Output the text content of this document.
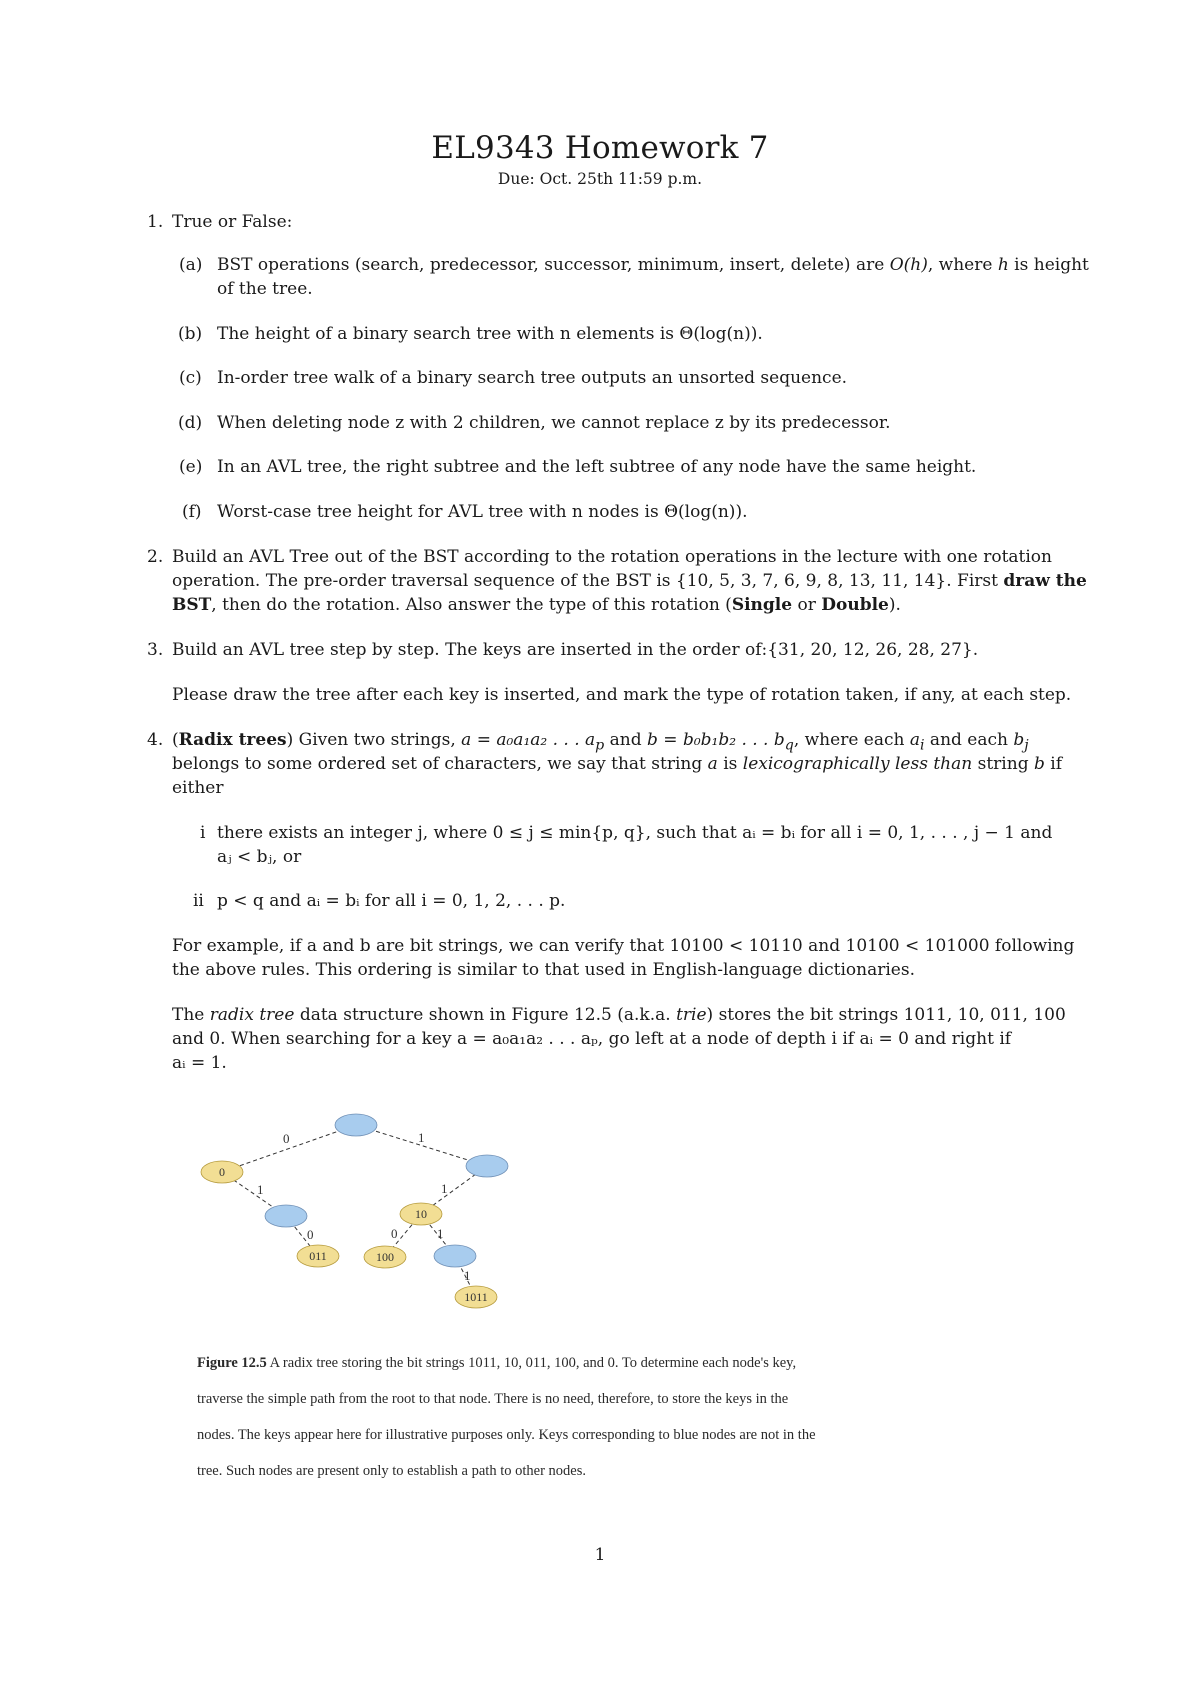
EL9343 Homework 7
Due: Oct. 25th 11:59 p.m.
1. True or False:
(a) BST operations (search, predecessor, successor, minimum, insert, delete) are O(h), where h is height
of the tree.
(b) The height of a binary search tree with n elements is Θ(log(n)).
(c) In-order tree walk of a binary search tree outputs an unsorted sequence.
(d) When deleting node z with 2 children, we cannot replace z by its predecessor.
(e) In an AVL tree, the right subtree and the left subtree of any node have the same height.
(f) Worst-case tree height for AVL tree with n nodes is Θ(log(n)).
2. Build an AVL Tree out of the BST according to the rotation operations in the lecture with one rotation
operation. The pre-order traversal sequence of the BST is {10, 5, 3, 7, 6, 9, 8, 13, 11, 14}. First draw the
BST, then do the rotation. Also answer the type of this rotation (Single or Double).
3. Build an AVL tree step by step. The keys are inserted in the order of:{31, 20, 12, 26, 28, 27}.
Please draw the tree after each key is inserted, and mark the type of rotation taken, if any, at each step.
4. (Radix trees) Given two strings, a = a₀a₁a₂ . . . $a_p$ and b = b₀b₁b₂ . . . $b_q$, where each $a_i$ and each $b_j$
belongs to some ordered set of characters, we say that string a is lexicographically less than string b if
either
i there exists an integer j, where 0 ≤ j ≤ min{p, q}, such that aᵢ = bᵢ for all i = 0, 1, . . . , j − 1 and
aⱼ < bⱼ, or
ii p < q and aᵢ = bᵢ for all i = 0, 1, 2, . . . p.
For example, if a and b are bit strings, we can verify that 10100 < 10110 and 10100 < 101000 following
the above rules. This ordering is similar to that used in English-language dictionaries.
The radix tree data structure shown in Figure 12.5 (a.k.a. trie) stores the bit strings 1011, 10, 011, 100
and 0. When searching for a key a = a₀a₁a₂ . . . aₚ, go left at a node of depth i if aᵢ = 0 and right if
aᵢ = 1.
0	1
1
0
1
0	1
1
0
10
011	100
1011
Figure 12.5 A radix tree storing the bit strings 1011, 10, 011, 100, and 0. To determine each node's key,
traverse the simple path from the root to that node. There is no need, therefore, to store the keys in the
nodes. The keys appear here for illustrative purposes only. Keys corresponding to blue nodes are not in the
tree. Such nodes are present only to establish a path to other nodes.
1
